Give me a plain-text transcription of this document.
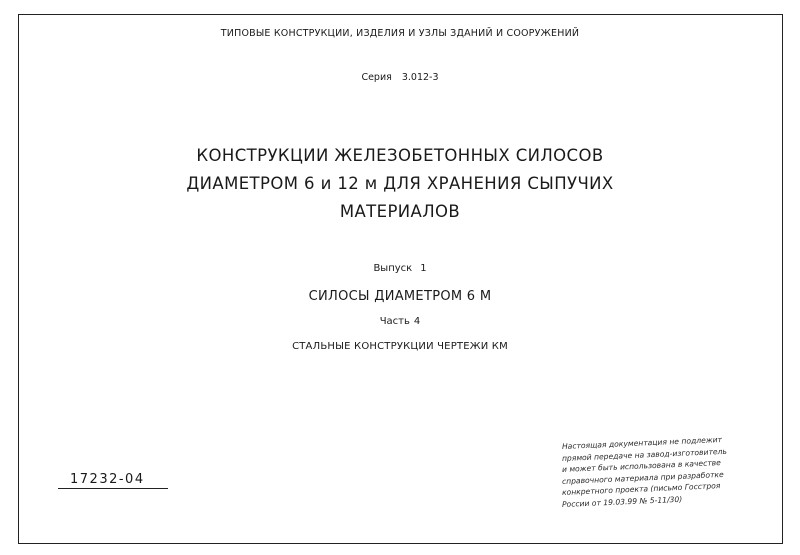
ТИПОВЫЕ КОНСТРУКЦИИ, ИЗДЕЛИЯ И УЗЛЫ ЗДАНИЙ И СООРУЖЕНИЙ
Серия 3.012-3
КОНСТРУКЦИИ ЖЕЛЕЗОБЕТОННЫХ СИЛОСОВ
ДИАМЕТРОМ 6 и 12 м ДЛЯ ХРАНЕНИЯ СЫПУЧИХ
МАТЕРИАЛОВ
Выпуск 1
СИЛОСЫ ДИАМЕТРОМ 6 М
Часть 4
СТАЛЬНЫЕ КОНСТРУКЦИИ ЧЕРТЕЖИ КМ
17232-04
Настоящая документация не подлежит
прямой передаче на завод-изготовитель
и может быть использована в качестве
справочного материала при разработке
конкретного проекта (письмо Госстроя
России от 19.03.99 № 5-11/30)
